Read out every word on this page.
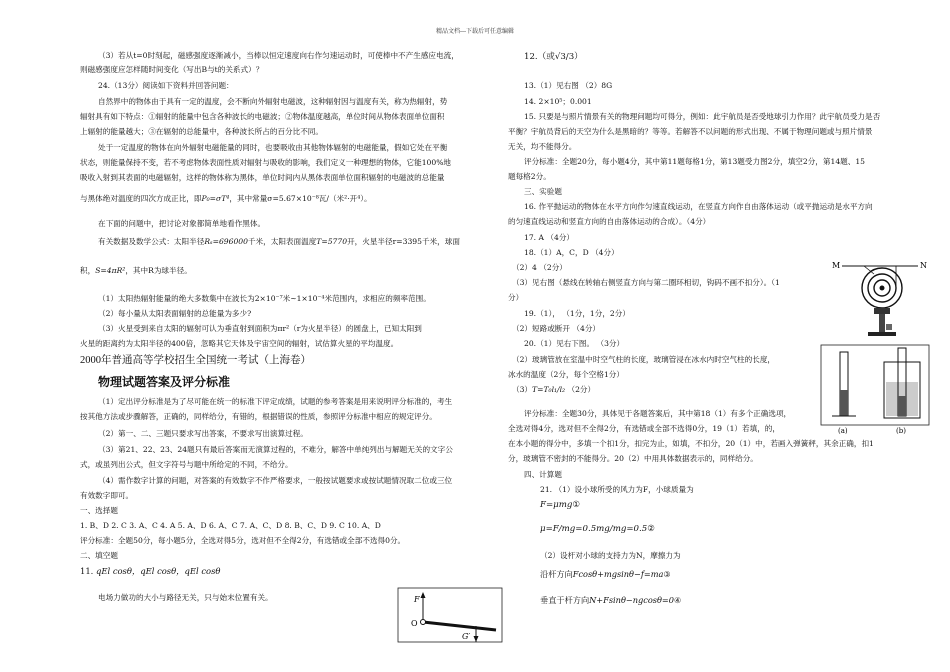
精品文档---下载后可任意编辑
（3）若从t=0时刻起，磁感强度逐渐减小，当棒以恒定速度向右作匀速运动时，可使棒中不产生感应电流，
则磁感强度应怎样随时间变化（写出B与t的关系式）？
24.（13分）阅读如下资料并回答问题：
自然界中的物体由于具有一定的温度，会不断向外辐射电磁波，这种辐射因与温度有关，称为热辐射，势
辐射具有如下特点：①辐射的能量中包含各种波长的电磁波；②物体温度越高，单位时间从物体表面单位面积
上辐射的能量越大；③在辐射的总能量中，各种波长所占的百分比不同。
处于一定温度的物体在向外辐射电磁能量的同时，也要吸收由其他物体辐射的电磁能量，假如它处在平衡
状态，则能量保持不变，若不考虑物体表面性质对辐射与吸收的影响，我们定义一种理想的物体，它能100%地
吸收入射到其表面的电磁辐射，这样的物体称为黑体，单位时间内从黑体表面单位面积辐射的电磁波的总能量
与黑体绝对温度的四次方成正比，即P₀=σT⁴，其中常量σ=5.67×10⁻⁸瓦/（米²·开⁴）。
在下面的问题中，把讨论对象都简单地看作黑体。
有关数据及数学公式：太阳半径Rₛ=696000千米，太阳表面温度T=5770开，火星半径r=3395千米，球面
积，S=4πR²，其中R为球半径。
（1）太阳热辐射能量的绝大多数集中在波长为2×10⁻⁷米~1×10⁻⁴米范围内，求相应的频率范围。
（2）每小量从太阳表面辐射的总能量为多少?
（3）火星受到来自太阳的辐射可认为垂直射到面积为πr²（r为火星半径）的圆盘上，已知太阳到
火星的距离约为太阳半径的400倍，忽略其它天体及宇宙空间的辐射，试估算火星的平均温度。
2000年普通高等学校招生全国统一考试（上海卷）
物理试题答案及评分标准
（1）定出评分标准是为了尽可能在统一的标准下评定成绩，试题的参考答案是用来说明评分标准的，考生
按其他方法或步骤解答，正确的，同样给分，有错的，根据错误的性质，参照评分标准中相应的规定评分。
（2）第一、二、三题只要求写出答案，不要求写出演算过程。
（3）第21、22、23、24题只有最后答案而无演算过程的，不难分，解答中单纯列出与解题无关的文字公
式，或虽列出公式，但文字符号与题中所给定的不同，不给分。
（4）需作数字计算的问题，对答案的有效数字不作严格要求，一般按试题要求或按试题情况取二位或三位
有效数字即可。
一、选择题
1. B、D 2. C 3. A、C 4. A 5. A、D 6. A、C 7. A、C、D 8. B、C、D 9. C 10. A、D
评分标准：全题50分，每小题5分，全选对得5分，选对但不全得2分，有选错或全部不选得0分。
二、填空题
11. qEl cosθ，qEl cosθ，qEl cosθ
电场力做功的大小与路径无关，只与始末位置有关。	F
O
G′
12.（或√3/3）
13.（1）见右图 （2）8G
14. 2×10⁵；0.001
15. 只要是与照片情景有关的物理问题均可得分，例如：此宇航员是否受地球引力作用？此宇航员受力是否
平衡？宇航员背后的天空为什么是黑暗的？等等。若解答不以问题的形式出现、不属于物理问题或与照片情景
无关，均不能得分。
评分标准：全题20分，每小题4分，其中第11题每格1分，第13题受力图2分，填空2分，第14题、15
题每格2分。
三、实验题
16. 作平抛运动的物体在水平方向作匀速直线运动，在竖直方向作自由落体运动（或平抛运动是水平方向
的匀速直线运动和竖直方向的自由落体运动的合成）。（4分）
17. A （4分）
18.（1）A，C，D （4分）
（2）4 （2分）
（3）见右图（悬线在转轴右侧竖直方向与第二圈环相切，钩码不画不扣分）。（1
分）
19.（1）， （1分，1分，2分）
（2）短路或断开 （4分）
20.（1）见右下图。 （3分）
（2）玻璃管放在室温中时空气柱的长度，玻璃管浸在冰水内时空气柱的长度，
冰水的温度（2分，每个空格1分）
（3）T=T₀l₁/l₂ （2分）
评分标准：全题30分，具体见于各题答案后，其中第18（1）有多个正确选项，
全选对得4分，选对但不全得2分，有选错或全部不选得0分，19（1）若填，的，
在本小题的得分中，多填一个扣1分，扣完为止，如填，不扣分，20（1）中，若画入弹簧秤，其余正确，扣1
分，玻璃管不密封的不能得分。20（2）中用具体数据表示的，同样给分。
四、计算题
21. （1）设小球所受的风力为F，小球质量为
F=μmg①
μ=F/mg=0.5mg/mg=0.5②
（2）设杆对小球的支持力为N，摩擦力为
沿杆方向Fcosθ+mgsinθ−f=ma③
垂直于杆方向N+Fsinθ−ngcosθ=0④
M	N
(a)	(b)
